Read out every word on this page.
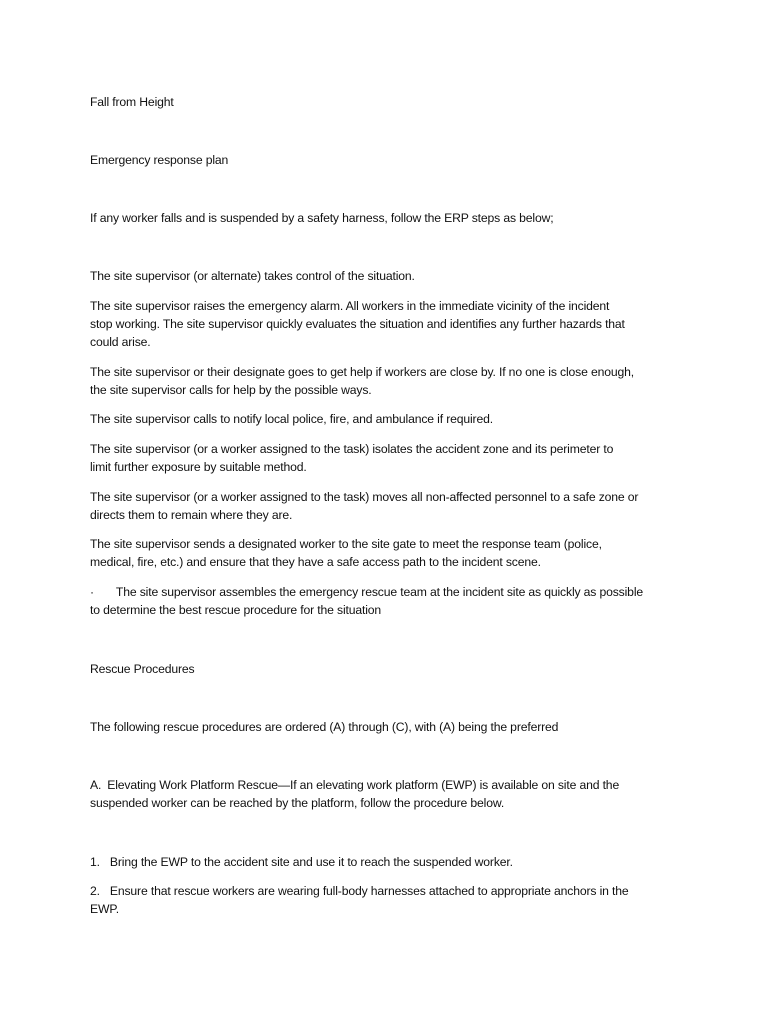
Fall from Height
Emergency response plan
If any worker falls and is suspended by a safety harness, follow the ERP steps as below;
The site supervisor (or alternate) takes control of the situation.
The site supervisor raises the emergency alarm. All workers in the immediate vicinity of the incident
stop working. The site supervisor quickly evaluates the situation and identifies any further hazards that
could arise.
The site supervisor or their designate goes to get help if workers are close by. If no one is close enough,
the site supervisor calls for help by the possible ways.
The site supervisor calls to notify local police, fire, and ambulance if required.
The site supervisor (or a worker assigned to the task) isolates the accident zone and its perimeter to
limit further exposure by suitable method.
The site supervisor (or a worker assigned to the task) moves all non-affected personnel to a safe zone or
directs them to remain where they are.
The site supervisor sends a designated worker to the site gate to meet the response team (police,
medical, fire, etc.) and ensure that they have a safe access path to the incident scene.
· The site supervisor assembles the emergency rescue team at the incident site as quickly as possible
to determine the best rescue procedure for the situation
Rescue Procedures
The following rescue procedures are ordered (A) through (C), with (A) being the preferred
A. Elevating Work Platform Rescue—If an elevating work platform (EWP) is available on site and the
suspended worker can be reached by the platform, follow the procedure below.
1. Bring the EWP to the accident site and use it to reach the suspended worker.
2. Ensure that rescue workers are wearing full-body harnesses attached to appropriate anchors in the
EWP.
